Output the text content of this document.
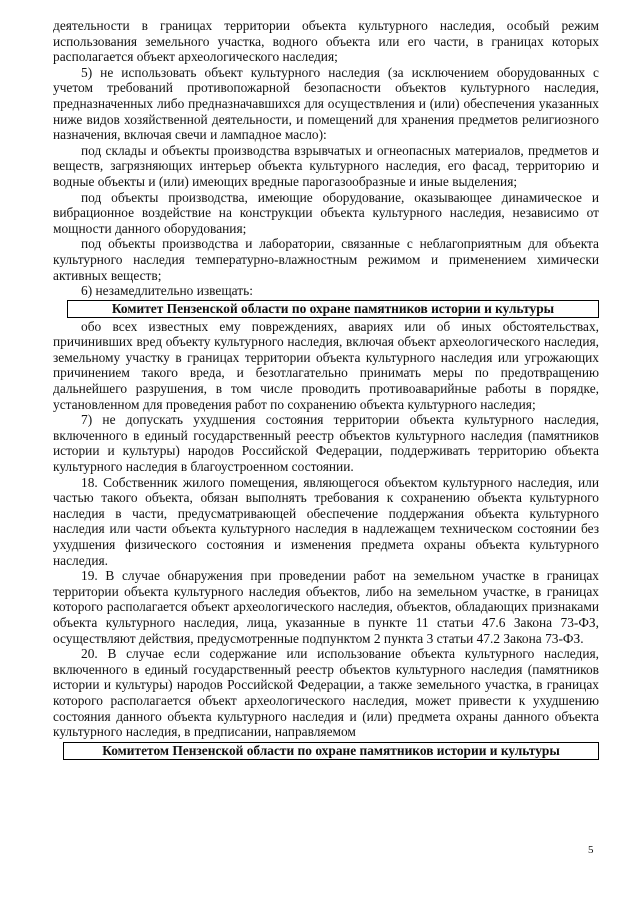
деятельности в границах территории объекта культурного наследия, особый режим использования земельного участка, водного объекта или его части, в границах которых располагается объект археологического наследия;

5) не использовать объект культурного наследия (за исключением оборудованных с учетом требований противопожарной безопасности объектов культурного наследия, предназначенных либо предназначавшихся для осуществления и (или) обеспечения указанных ниже видов хозяйственной деятельности, и помещений для хранения предметов религиозного назначения, включая свечи и лампадное масло):

под склады и объекты производства взрывчатых и огнеопасных материалов, предметов и веществ, загрязняющих интерьер объекта культурного наследия, его фасад, территорию и водные объекты и (или) имеющих вредные парогазообразные и иные выделения;

под объекты производства, имеющие оборудование, оказывающее динамическое и вибрационное воздействие на конструкции объекта культурного наследия, независимо от мощности данного оборудования;

под объекты производства и лаборатории, связанные с неблагоприятным для объекта культурного наследия температурно-влажностным режимом и применением химически активных веществ;

6) незамедлительно извещать:

Комитет Пензенской области по охране памятников истории и культуры

обо всех известных ему повреждениях, авариях или об иных обстоятельствах, причинивших вред объекту культурного наследия, включая объект археологического наследия, земельному участку в границах территории объекта культурного наследия или угрожающих причинением такого вреда, и безотлагательно принимать меры по предотвращению дальнейшего разрушения, в том числе проводить противоаварийные работы в порядке, установленном для проведения работ по сохранению объекта культурного наследия;

7) не допускать ухудшения состояния территории объекта культурного наследия, включенного в единый государственный реестр объектов культурного наследия (памятников истории и культуры) народов Российской Федерации, поддерживать территорию объекта культурного наследия в благоустроенном состоянии.

18. Собственник жилого помещения, являющегося объектом культурного наследия, или частью такого объекта, обязан выполнять требования к сохранению объекта культурного наследия в части, предусматривающей обеспечение поддержания объекта культурного наследия или части объекта культурного наследия в надлежащем техническом состоянии без ухудшения физического состояния и изменения предмета охраны объекта культурного наследия.

19. В случае обнаружения при проведении работ на земельном участке в границах территории объекта культурного наследия объектов, либо на земельном участке, в границах которого располагается объект археологического наследия, объектов, обладающих признаками объекта культурного наследия, лица, указанные в пункте 11 статьи 47.6 Закона 73-ФЗ, осуществляют действия, предусмотренные подпунктом 2 пункта 3 статьи 47.2 Закона 73-ФЗ.

20. В случае если содержание или использование объекта культурного наследия, включенного в единый государственный реестр объектов культурного наследия (памятников истории и культуры) народов Российской Федерации, а также земельного участка, в границах которого располагается объект археологического наследия, может привести к ухудшению состояния данного объекта культурного наследия и (или) предмета охраны данного объекта культурного наследия, в предписании, направляемом

Комитетом Пензенской области по охране памятников истории и культуры
5
